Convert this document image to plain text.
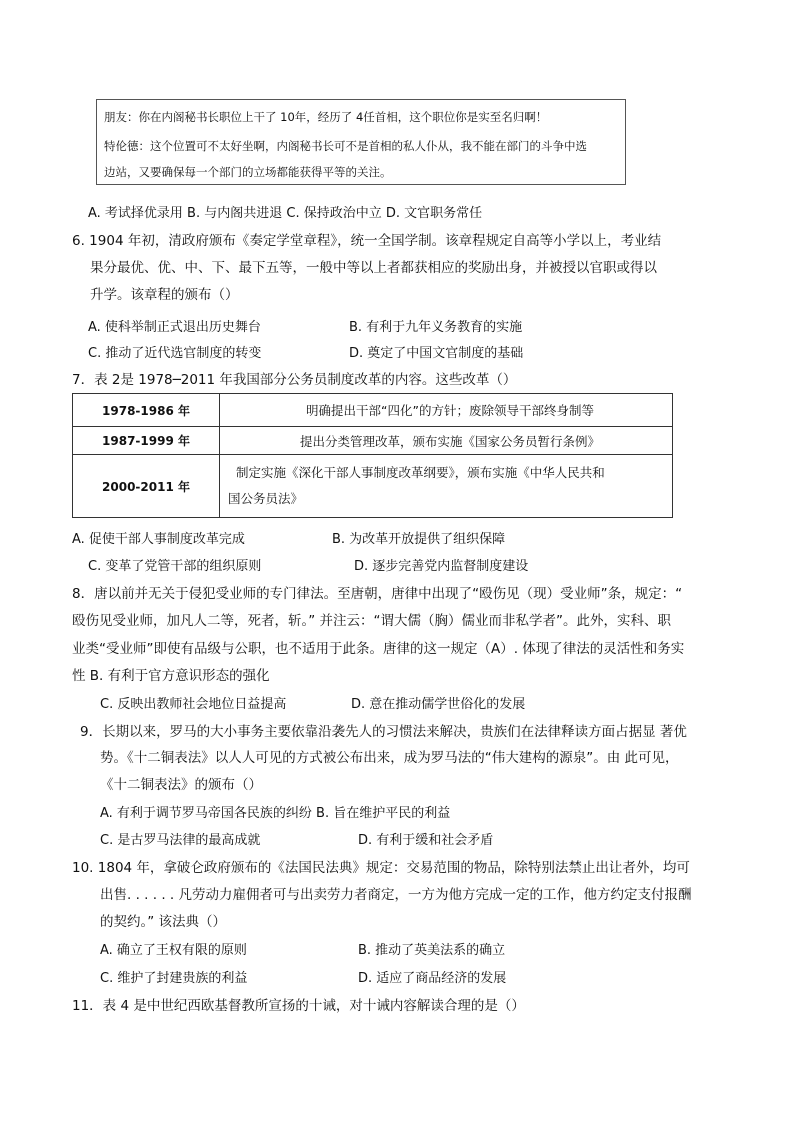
朋友：你在内阁秘书长职位上干了 10年，经历了 4任首相，这个职位你是实至名归啊！
特伦德：这个位置可不太好坐啊，内阁秘书长可不是首相的私人仆从，我不能在部门的斗争中选
边站，又要确保每一个部门的立场都能获得平等的关注。
A. 考试择优录用 B. 与内阁共进退 C. 保持政治中立 D. 文官职务常任
6. 1904 年初，清政府颁布《奏定学堂章程》，统一全国学制。该章程规定自高等小学以上，考业结
果分最优、优、中、下、最下五等，一般中等以上者都获相应的奖励出身，并被授以官职或得以
升学。该章程的颁布（）
A. 使科举制正式退出历史舞台	B. 有利于九年义务教育的实施
C. 推动了近代选官制度的转变	D. 奠定了中国文官制度的基础
7．表 2是 1978─2011 年我国部分公务员制度改革的内容。这些改革（）
1978-1986 年	明确提出干部“四化”的方针；废除领导干部终身制等

1987-1999 年	提出分类管理改革，颁布实施《国家公务员暂行条例》

2000-2011 年	制定实施《深化干部人事制度改革纲要》，颁布实施《中华人民共和
国公务员法》
A. 促使干部人事制度改革完成	B. 为改革开放提供了组织保障
C. 变革了党管干部的组织原则	D. 逐步完善党内监督制度建设
8．唐以前并无关于侵犯受业师的专门律法。至唐朝，唐律中出现了“殴伤见（现）受业师”条，规定：“
殴伤见受业师，加凡人二等，死者，斩。” 并注云：“谓大儒（胸）儒业而非私学者”。此外，实科、职
业类“受业师”即使有品级与公职，也不适用于此条。唐律的这一规定（A）. 体现了律法的灵活性和务实
性 B. 有利于官方意识形态的强化
C. 反映出教师社会地位日益提高	D. 意在推动儒学世俗化的发展
9．长期以来，罗马的大小事务主要依靠沿袭先人的习惯法来解决，贵族们在法律释读方面占据显 著优
势。《十二铜表法》以人人可见的方式被公布出来，成为罗马法的“伟大建构的源泉”。由 此可见，
《十二铜表法》的颁布（）
A. 有利于调节罗马帝国各民族的纠纷 B. 旨在维护平民的利益
C. 是古罗马法律的最高成就	D. 有利于缓和社会矛盾
10. 1804 年，拿破仑政府颁布的《法国民法典》规定：交易范围的物品，除特别法禁止出让者外，均可
出售. . . . . . 凡劳动力雇佣者可与出卖劳力者商定，一方为他方完成一定的工作，他方约定支付报酬
的契约。” 该法典（）
A. 确立了王权有限的原则	B. 推动了英美法系的确立
C. 维护了封建贵族的利益	D. 适应了商品经济的发展
11．表 4 是中世纪西欧基督教所宣扬的十诫，对十诫内容解读合理的是（）
